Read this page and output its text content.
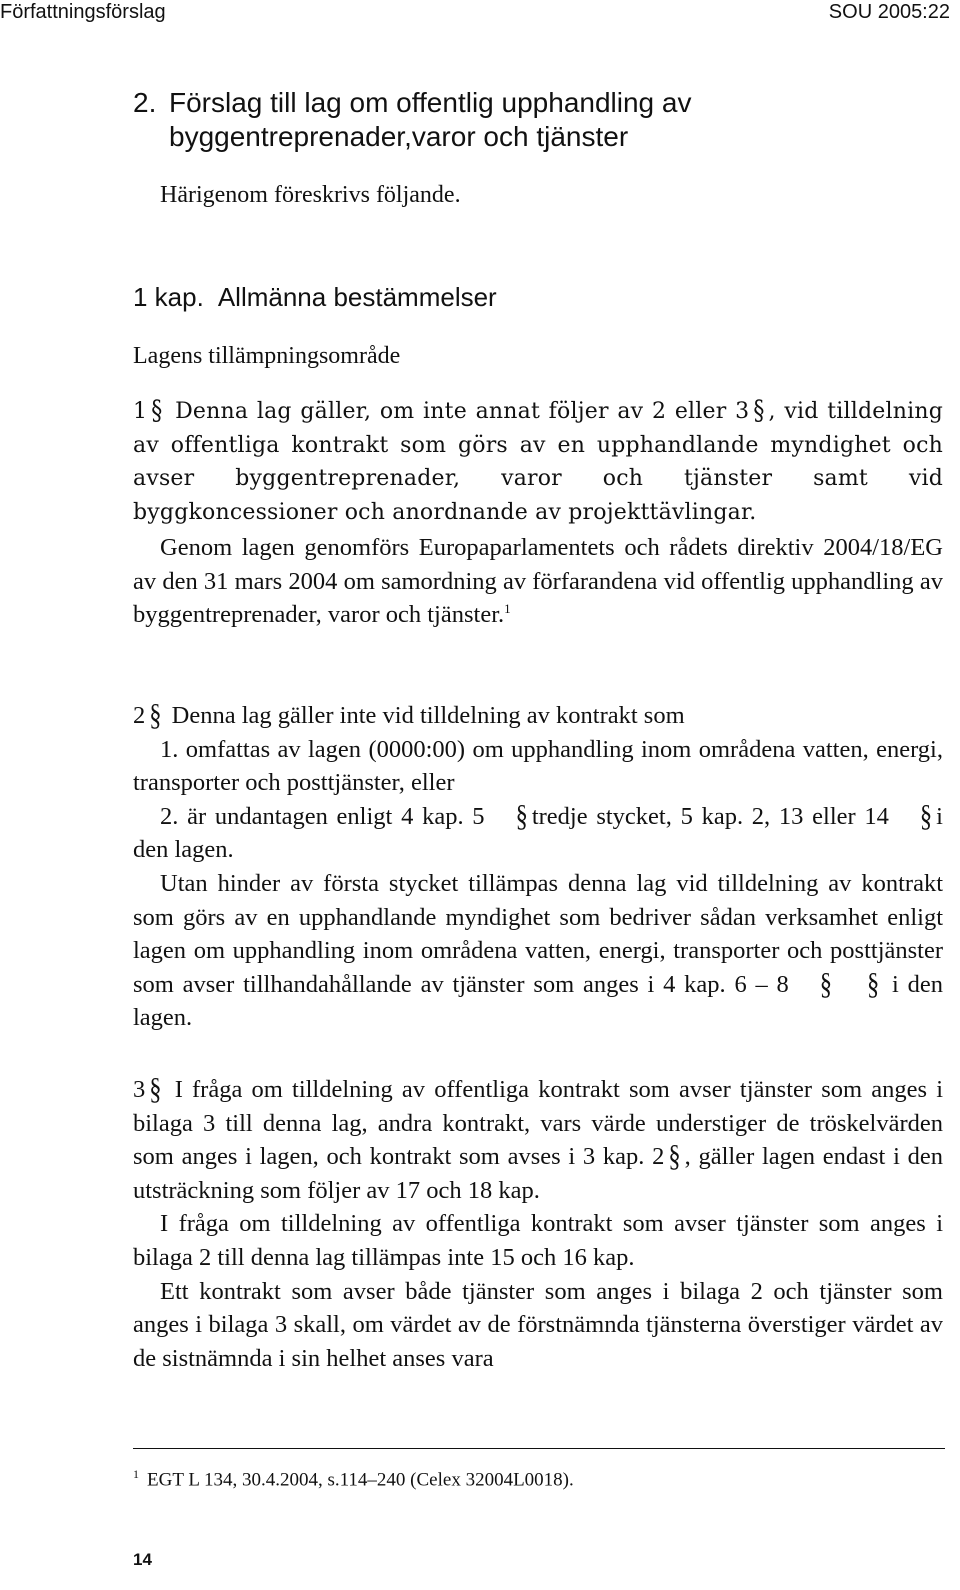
Författningsförslag	SOU 2005:22
2. Förslag till lag om offentlig upphandling av byggentreprenader,varor och tjänster
Härigenom föreskrivs följande.
1 kap. Allmänna bestämmelser
Lagens tillämpningsområde

1 § Denna lag gäller, om inte annat följer av 2 eller 3 § , vid tilldelning av offentliga kontrakt som görs av en upphandlande myndighet och avser byggentreprenader, varor och tjänster samt vid byggkoncessioner och anordnande av projekttävlingar.

Genom lagen genomförs Europaparlamentets och rådets direktiv 2004/18/EG av den 31 mars 2004 om samordning av förfarandena vid offentlig upphandling av byggentreprenader, varor och tjänster.$^1$

2 § Denna lag gäller inte vid tilldelning av kontrakt som

1. omfattas av lagen (0000:00) om upphandling inom områdena vatten, energi, transporter och posttjänster, eller

2. är undantagen enligt 4 kap. 5 § tredje stycket, 5 kap. 2, 13 eller 14 § i den lagen.

Utan hinder av första stycket tillämpas denna lag vid tilldelning av kontrakt som görs av en upphandlande myndighet som bedriver sådan verksamhet enligt lagen om upphandling inom områdena vatten, energi, transporter och posttjänster som avser tillhandahållande av tjänster som anges i 4 kap. 6 – 8 § § i den lagen.

3 § I fråga om tilldelning av offentliga kontrakt som avser tjänster som anges i bilaga 3 till denna lag, andra kontrakt, vars värde understiger de tröskelvärden som anges i lagen, och kontrakt som avses i 3 kap. 2 § , gäller lagen endast i den utsträckning som följer av 17 och 18 kap.

I fråga om tilldelning av offentliga kontrakt som avser tjänster som anges i bilaga 2 till denna lag tillämpas inte 15 och 16 kap.

Ett kontrakt som avser både tjänster som anges i bilaga 2 och tjänster som anges i bilaga 3 skall, om värdet av de förstnämnda tjänsterna överstiger värdet av de sistnämnda i sin helhet anses vara

$^1$ EGT L 134, 30.4.2004, s.114–240 (Celex 32004L0018).
14
